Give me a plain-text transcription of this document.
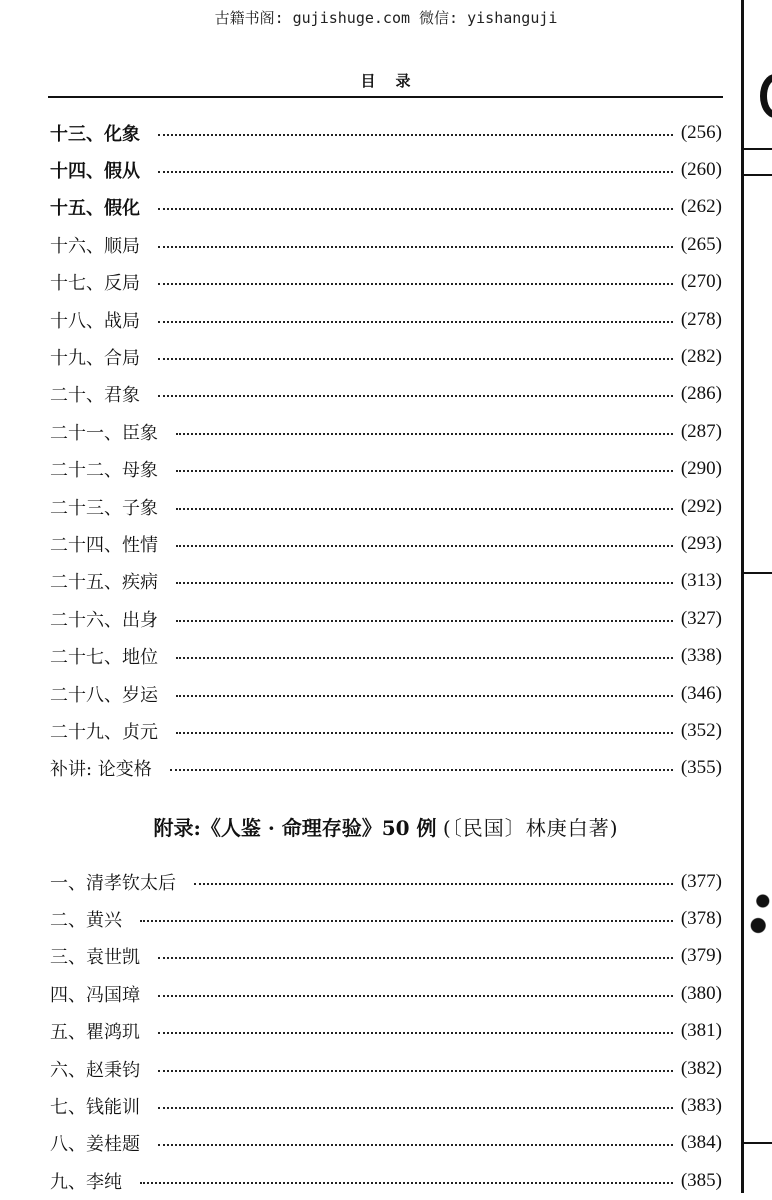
古籍书阁: gujishuge.com 微信: yishanguji
目录
十三、化象	(256)
十四、假从	(260)
十五、假化	(262)
十六、顺局	(265)
十七、反局	(270)
十八、战局	(278)
十九、合局	(282)
二十、君象	(286)
二十一、臣象	(287)
二十二、母象	(290)
二十三、子象	(292)
二十四、性情	(293)
二十五、疾病	(313)
二十六、出身	(327)
二十七、地位	(338)
二十八、岁运	(346)
二十九、贞元	(352)
补讲: 论变格	(355)
附录:《人鉴 · 命理存验》50 例 (〔民国〕林庚白著)
一、清孝钦太后	(377)
二、黄兴	(378)
三、袁世凯	(379)
四、冯国璋	(380)
五、瞿鸿玑	(381)
六、赵秉钧	(382)
七、钱能训	(383)
八、姜桂题	(384)
九、李纯	(385)
